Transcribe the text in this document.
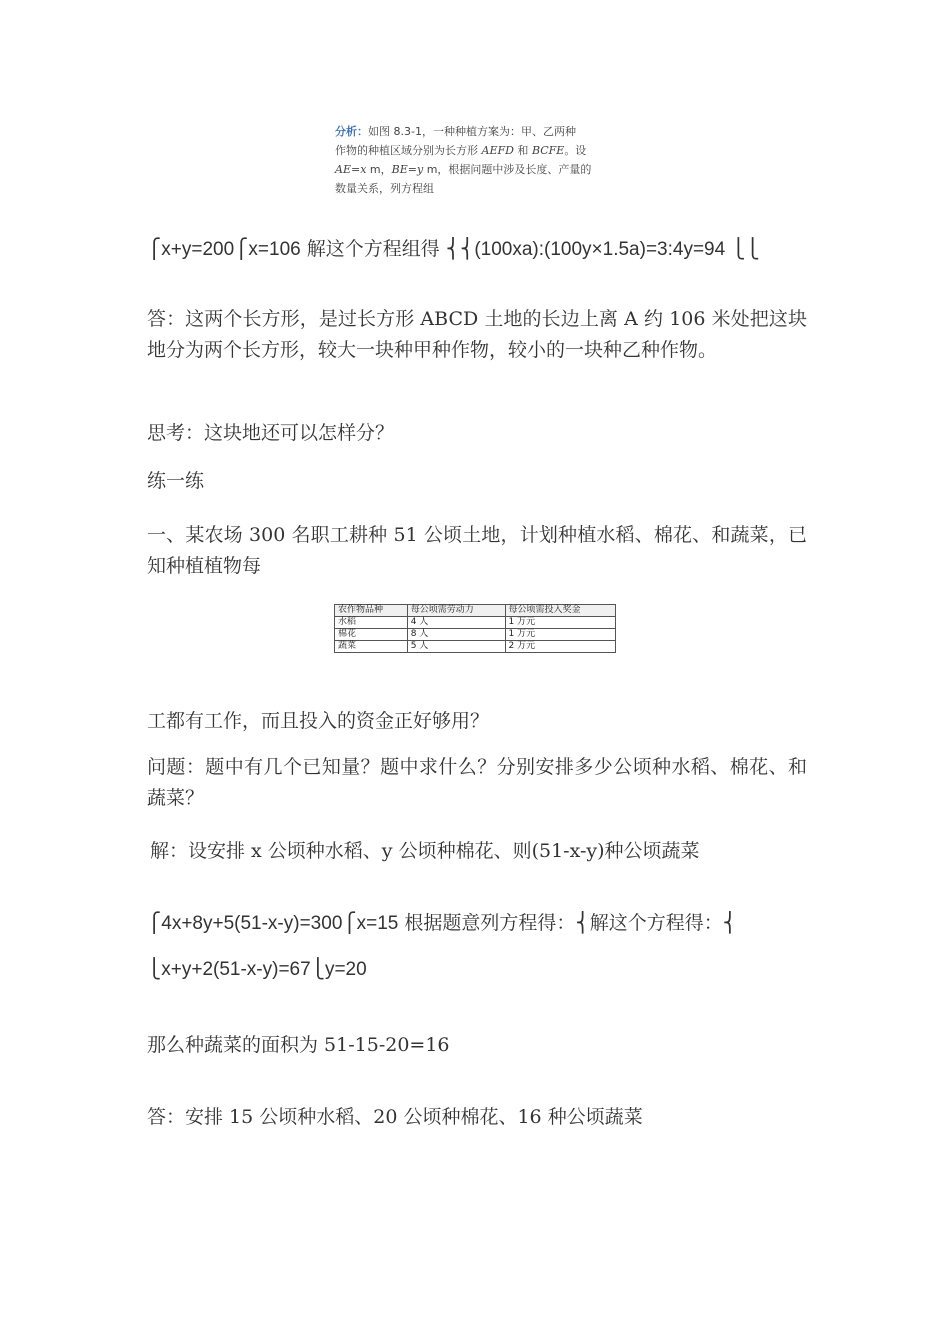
分析：如图 8.3-1，一种种植方案为：甲、乙两种
作物的种植区域分别为长方形 AEFD 和 BCFE。设
AE=x m，BE=y m，根据问题中涉及长度、产量的
数量关系，列方程组
⎧x+y=200⎧x=106 解这个方程组得 ⎨⎨(100xa):(100y×1.5a)=3:4y=94 ⎩⎩
答：这两个长方形，是过长方形 ABCD 土地的长边上离 A 约 106 米处把这块地分为两个长方形，较大一块种甲种作物，较小的一块种乙种作物。
思考：这块地还可以怎样分？
练一练
一、某农场 300 名职工耕种 51 公顷土地，计划种植水稻、棉花、和蔬菜，已知种植植物每
农作物品种	每公顷需劳动力	每公顷需投入奖金
水稻	4 人	1 万元
棉花	8 人	1 万元
蔬菜	5 人	2 万元
工都有工作，而且投入的资金正好够用？
问题：题中有几个已知量？题中求什么？分别安排多少公顷种水稻、棉花、和蔬菜？
解：设安排 x 公顷种水稻、y 公顷种棉花、则(51-x-y)种公顷蔬菜
⎧4x+8y+5(51-x-y)=300⎧x=15 根据题意列方程得：⎨解这个方程得：⎨
⎩x+y+2(51-x-y)=67⎩y=20
那么种蔬菜的面积为 51-15-20=16
答：安排 15 公顷种水稻、20 公顷种棉花、16 种公顷蔬菜
